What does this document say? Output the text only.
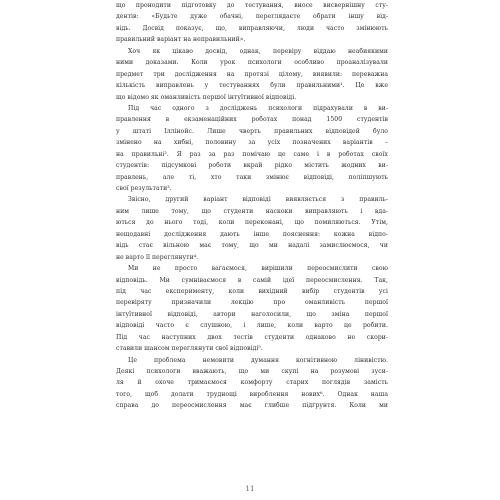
що пронодити підготовку до тестування, вносе висвернішну сту-
дентів: «Будьте дуже обачні, переглядаєте обрати іншу від-
відь. Досвід показує, що, виправляючи, люди часто змінюють
правильний варіант на неправильний».
Хоч як цікаво досвід, однак, перевіру віддаю неабиякими
ними доказами. Коли урок психологи особливо проаналізували
предмет три дослідження на протязі цілому, виявили: переважна
кількість виправлень у тестуваннях були правильними¹. Це вже
що відомо як оманливість першої інтуїтивної відповіді.
Під час одного з досліджень психологи підрахували в ви-
правлення в екзаменаційних роботах понад 1500 студентів
у штаті Іллінойс. Лише чверть правильних відповідей було
змінено на хибні, половину за усіх позначених варіантів –
на правильні². Я раз за раз помічаю це саме і в роботах своїх
студентів: підсумкові роботи вкрай рідко містить жодних ви-
правлень, але ті, хто таки змінює відповіді, поліпшують
свої результати³.
Звісно, другий варіант відповіді виявляється з правиль-
ним лише тому, що студенти наскоки виправляють і вда-
ються до нього тоді, коли переконані, що помиляються. Утім,
нещодавні дослідження дають інше пояснення: кожна відпо-
відь стає вільною має тому, що ми надалі замислюємося, чи
не варто її переглянути⁴.
Ми не просто вагаємося, вирішили переосмислити свою
відповідь. Ми сумніваємося в самій ідеї переосмислення. Так,
під час експерименту, коли вихідний вибір студентів усі
перевіряту призначили лекцію про оманливість першої
інтуїтивної відповіді, автори наголосили, що зміна першої
відповіді часто є слушною, і лише, коли варто це робити.
Під час наступних двох тестів студенти однаково не скори-
ставили шансом переглянути свої відповіді⁵.
Це проблема немовити думання когнітивною лінивістю.
Деякі психологи вважають, що ми скупі на розумові зуси-
ля й охоче тримаємося комфорту старих поглядів замість
того, щоб долати труднощі вироблення нових⁶. Однак наша
справа до переосмислення має глибше підґрунтя. Коли ми
11
